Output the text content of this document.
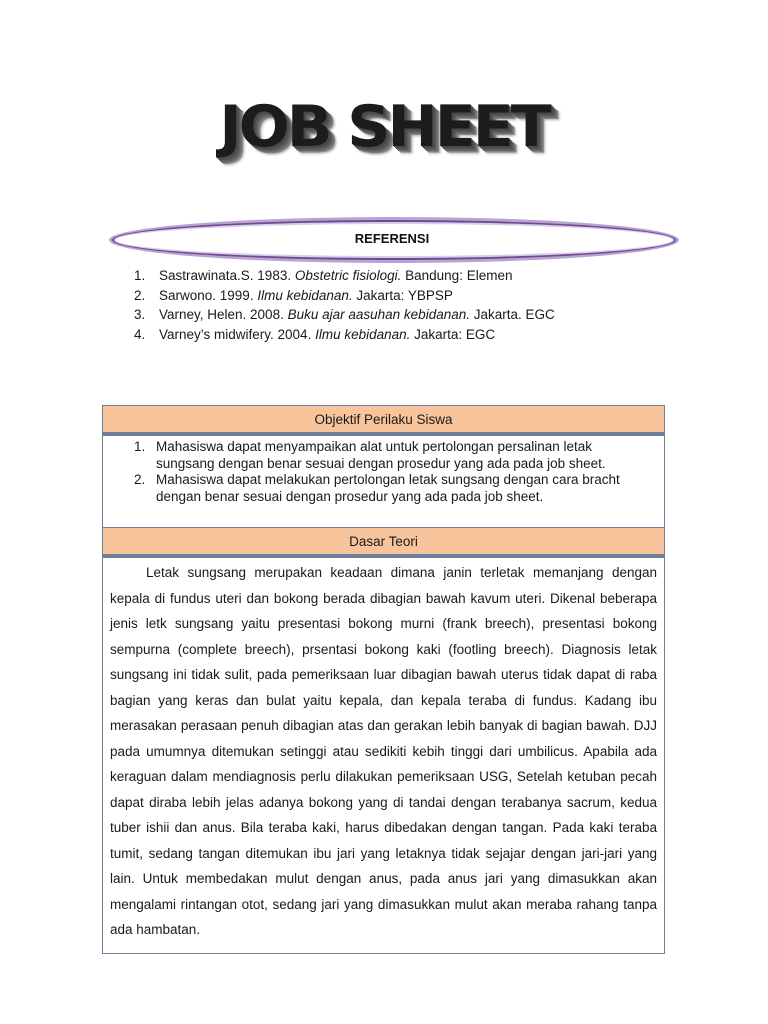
JOB SHEET
REFERENSI
1. Sastrawinata.S. 1983. Obstetric fisiologi. Bandung: Elemen
2. Sarwono. 1999. Ilmu kebidanan. Jakarta: YBPSP
3. Varney, Helen. 2008. Buku ajar aasuhan kebidanan. Jakarta. EGC
4. Varney’s midwifery. 2004. Ilmu kebidanan. Jakarta: EGC
Objektif Perilaku Siswa
1. Mahasiswa dapat menyampaikan alat untuk pertolongan persalinan letak sungsang dengan benar sesuai dengan prosedur yang ada pada job sheet.
2. Mahasiswa dapat melakukan pertolongan letak sungsang dengan cara bracht dengan benar sesuai dengan prosedur yang ada pada job sheet.
Dasar Teori

Letak sungsang merupakan keadaan dimana janin terletak memanjang dengan kepala di fundus uteri dan bokong berada dibagian bawah kavum uteri. Dikenal beberapa jenis letk sungsang yaitu presentasi bokong murni (frank breech), presentasi bokong sempurna (complete breech), prsentasi bokong kaki (footling breech). Diagnosis letak sungsang ini tidak sulit, pada pemeriksaan luar dibagian bawah uterus tidak dapat di raba bagian yang keras dan bulat yaitu kepala, dan kepala teraba di fundus. Kadang ibu merasakan perasaan penuh dibagian atas dan gerakan lebih banyak di bagian bawah. DJJ pada umumnya ditemukan setinggi atau sedikiti kebih tinggi dari umbilicus. Apabila ada keraguan dalam mendiagnosis perlu dilakukan pemeriksaan USG, Setelah ketuban pecah dapat diraba lebih jelas adanya bokong yang di tandai dengan terabanya sacrum, kedua tuber ishii dan anus. Bila teraba kaki, harus dibedakan dengan tangan. Pada kaki teraba tumit, sedang tangan ditemukan ibu jari yang letaknya tidak sejajar dengan jari-jari yang lain. Untuk membedakan mulut dengan anus, pada anus jari yang dimasukkan akan mengalami rintangan otot, sedang jari yang dimasukkan mulut akan meraba rahang tanpa ada hambatan.
